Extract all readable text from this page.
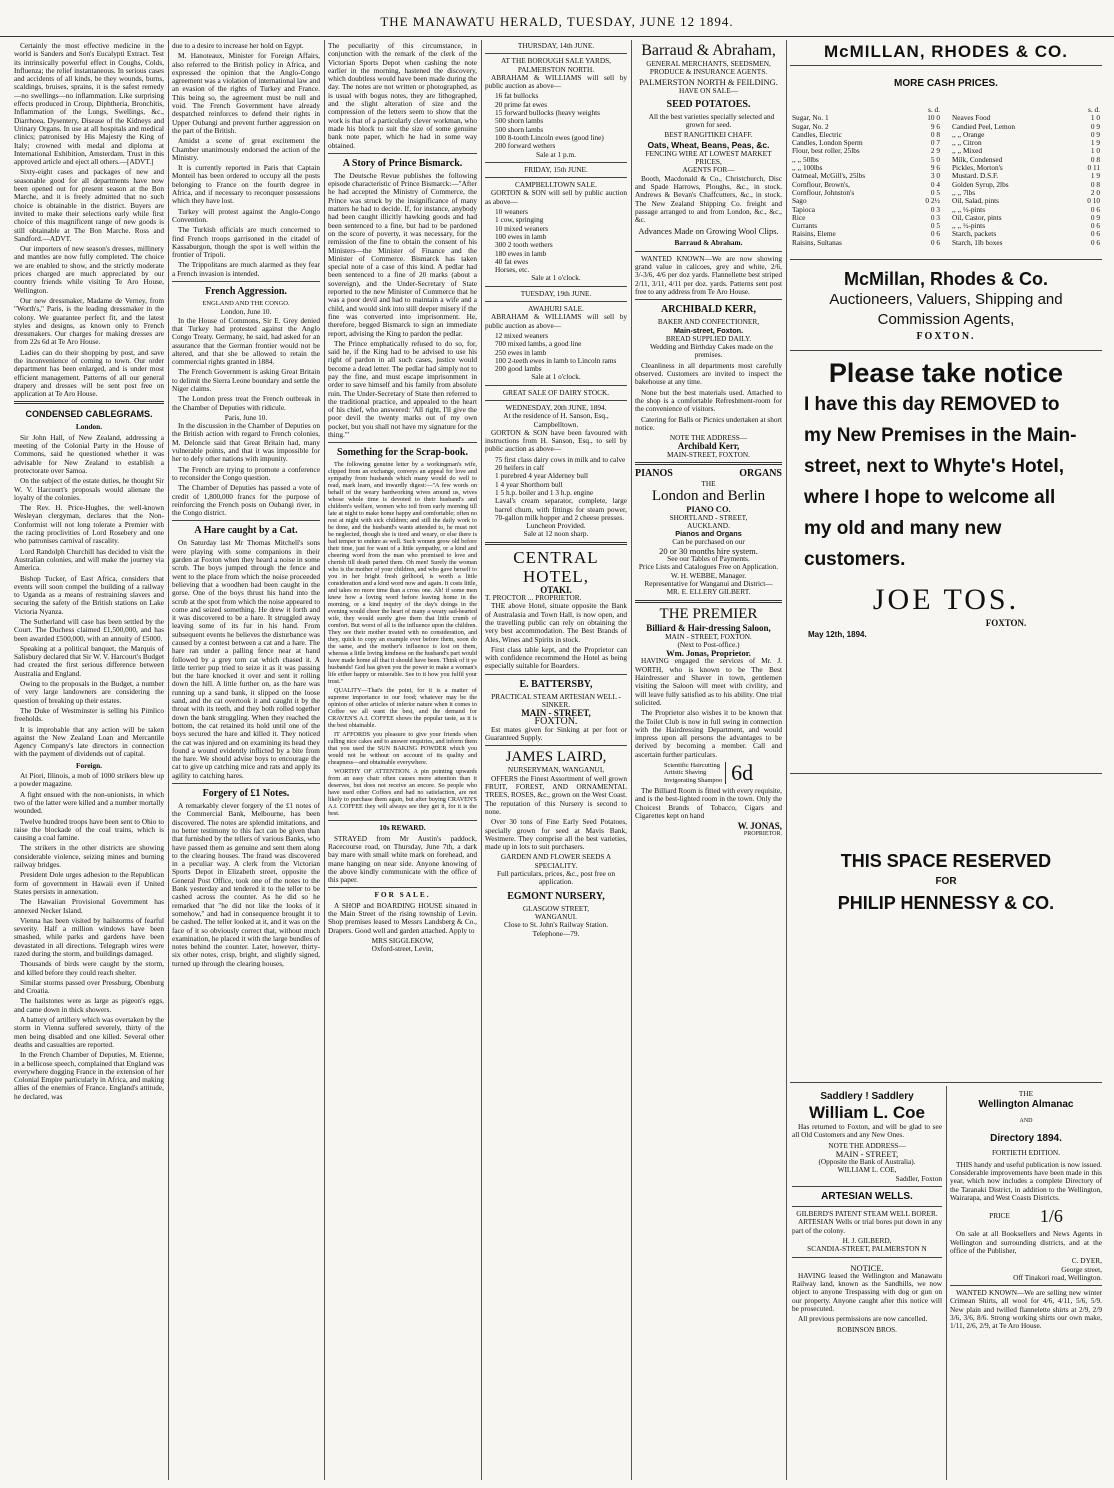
THE MANAWATU HERALD, TUESDAY, JUNE 12 1894.

Certainly the most effective medicine in the world is Sanders and Son's Eucalypti Extract. Test its intrinsically powerful effect in Coughs, Colds, Influenza; the relief instantaneous. In serious cases and accidents of all kinds, be they wounds, burns, scaldings, bruises, sprains, it is the safest remedy—no swellings—no inflammation. Like surprising effects produced in Croup, Diphtheria, Bronchitis, Inflammation of the Lungs, Swellings, &c., Diarrhoea, Dysentery, Disease of the Kidneys and Urinary Organs. In use at all hospitals and medical clinics; patronised by His Majesty the King of Italy; crowned with medal and diploma at International Exhibition, Amsterdam. Trust in this approved article and eject all others.—[ADVT.]

Sixty-eight cases and packages of new and seasonable good for all departments have now been opened out for present season at the Bon Marche, and it is freely admitted that no such choice is obtainable in the district. Buyers are invited to make their selections early while first choice of this magnificent range of new goods is still obtainable at The Bon Marche. Ross and Sandford.—ADVT.

Our importers of new season's dresses, millinery and mantles are now fully completed. The choice we are enabled to show, and the strictly moderate prices charged are much appreciated by our country friends while visiting Te Aro House, Wellington.

Our new dressmaker, Madame de Verney, from "Worth's," Paris, is the leading dressmaker in the colony. We guarantee perfect fit, and the latest styles and designs, as known only to French dressmakers. Our charges for making dresses are from 22s 6d at Te Aro House.

Ladies can do their shopping by post, and save the inconvenience of coming to town. Our order department has been enlarged, and is under most efficient management. Patterns of all our general drapery and dresses will be sent post free on application at Te Aro House.

CONDENSED CABLEGRAMS.
London.

Sir John Hall, of New Zealand, addressing a meeting of the Colonial Party in the House of Commons, said he questioned whether it was advisable for New Zealand to establish a protectorate over Samoa.

On the subject of the estate duties, he thought Sir W. V. Harcourt's proposals would alienate the loyalty of the colonies.

The Rev. H. Price-Hughes, the well-known Wesleyan clergyman, declares that the Non-Conformist will not long tolerate a Premier with the racing proclivities of Lord Rosebery and one who patronises carnival of rascality.

Lord Randolph Churchill has decided to visit the Australian colonies, and will make the journey via America.

Bishop Tucker, of East Africa, considers that events will soon compel the building of a railway to Uganda as a means of restraining slavers and securing the safety of the British stations on Lake Victoria Nyanza.

The Sutherland will case has been settled by the Court. The Duchess claimed £1,500,000, and has been awarded £500,000, with an annuity of £5000.

Speaking at a political banquet, the Marquis of Salisbury declared that Sir W. V. Harcourt's Budget had created the first serious difference between Australia and England.

Owing to the proposals in the Budget, a number of very large landowners are considering the question of breaking up their estates.

The Duke of Westminster is selling his Pimlico freeholds.

It is improbable that any action will be taken against the New Zealand Loan and Mercantile Agency Company's late directors in connection with the payment of dividends out of capital.

Foreign.

At Piori, Illinois, a mob of 1000 strikers blew up a powder magazine.

A fight ensued with the non-unionists, in which two of the latter were killed and a number mortally wounded.

Twelve hundred troops have been sent to Ohio to raise the blockade of the coal trains, which is causing a coal famine.

The strikers in the other districts are showing considerable violence, seizing mines and burning railway bridges.

President Dole urges adhesion to the Republican form of government in Hawaii even if United States persists in annexation.

The Hawaiian Provisional Government has annexed Necker Island.

Vienna has been visited by hailstorms of fearful severity. Half a million windows have been smashed, while parks and gardens have been devastated in all directions. Telegraph wires were razed during the storm, and buildings damaged.

Thousands of birds were caught by the storm, and killed before they could reach shelter.

Similar storms passed over Pressburg, Obenburg and Croatia.

The hailstones were as large as pigeon's eggs, and came down in thick showers.

A battery of artillery which was overtaken by the storm in Vienna suffered severely, thirty of the men being disabled and one killed. Several other deaths and casualties are reported.

In the French Chamber of Deputies, M. Etienne, in a bellicose speech, complained that England was everywhere dogging France in the extension of her Colonial Empire particularly in Africa, and making allies of the enemies of France. England's attitude, he declared, was

due to a desire to increase her hold on Egypt.

M. Hanoteaux, Minister for Foreign Affairs, also referred to the British policy in Africa, and expressed the opinion that the Anglo-Congo agreement was a violation of international law and an evasion of the rights of Turkey and France. This being so, the agreement must be null and void. The French Government have already despatched reinforces to defend their rights in Upper Oubangi and prevent further aggression on the part of the British.

Amidst a scene of great excitement the Chamber unanimously endorsed the action of the Ministry.

It is currently reported in Paris that Captain Monteil has been ordered to occupy all the posts belonging to France on the fourth degree in Africa, and if necessary to reconquer possessions which they have lost.

Turkey will protest against the Anglo-Congo Convention.

The Turkish officials are much concerned to find French troops garrisoned in the citadel of Kassaburgon, though the spot is well within the frontier of Tripoli.

The Trippolitans are much alarmed as they fear a French invasion is intended.

French Aggression.
ENGLAND AND THE CONGO.
London, June 10.

In the House of Commons, Sir E. Grey denied that Turkey had protested against the Anglo Congo Treaty. Germany, he said, had asked for an assurance that the German frontier would not be altered, and that she be allowed to retain the commercial rights granted in 1884.

The French Government is asking Great Britain to delimit the Sierra Leone boundary and settle the Niger claims.

The London press treat the French outbreak in the Chamber of Deputies with ridicule.

Paris, June 10.

In the discussion in the Chamber of Deputies on the British action with regard to French colonies, M. Deloncle said that Great Britain had, many vulnerable points, and that it was impossible for her to defy other nations with impunity.

The French are trying to promote a conference to reconsider the Congo question.

The Chamber of Deputies has passed a vote of credit of 1,800,000 francs for the purpose of reinforcing the French posts on Oubangi river, in the Congo district.

A Hare caught by a Cat.

On Saturday last Mr Thomas Mitchell's sons were playing with some companions in their garden at Foxton when they heard a noise in some scrub. The boys jumped through the fence and went to the place from which the noise proceeded believing that a woodhen had been caught in the gorse. One of the boys thrust his hand into the scrub at the spot from which the noise appeared to come and seized something. He drew it forth and it was discovered to be a hare. It struggled away leaving some of its fur in his hand. From subsequent events he believes the disturbance was caused by a contest between a cat and a hare. The hare ran under a palling fence near at hand followed by a grey tom cat which chased it. A little terrier pup tried to seize it as it was passing but the hare knocked it over and sent it rolling down the hill. A little further on, as the hare was running up a sand bank, it slipped on the loose sand, and the cat overtook it and caught it by the throat with its teeth, and they both rolled together down the bank struggling. When they reached the bottom, the cat retained its hold until one of the boys secured the hare and killed it. They noticed the cat was injured and on examining its head they found a wound evidently inflicted by a bite from the hare. We should advise boys to encourage the cat to give up catching mice and rats and apply its agility to catching hares.

Forgery of £1 Notes.

A remarkably clever forgery of the £1 notes of the Commercial Bank, Melbourne, has been discovered. The notes are splendid imitations, and no better testimony to this fact can be given than that furnished by the tellers of various Banks, who have passed them as genuine and sent them along to the clearing houses. The fraud was discovered in a peculiar way. A clerk from the Victorian Sports Depot in Elizabeth street, opposite the General Post Office, took one of the notes to the Bank yesterday and tendered it to the teller to be cashed across the counter. As he did so he remarked that "he did not like the looks of it somehow," and had in consequence brought it to be cashed. The teller looked at it, and it was on the face of it so obviously correct that, without much examination, he placed it with the large bundles of notes behind the counter. Later, however, thirty-six other notes, crisp, bright, and slightly signed, turned up through the clearing houses,

The peculiarity of this circumstance, in conjunction with the remark of the clerk of the Victorian Sports Depot when cashing the note earlier in the morning, hastened the discovery, which doubtless would have been made during the day. The notes are not written or photographed, as is usual with bogus notes, they are lithographed, and the slight alteration of size and the compression of the letters seem to show that the work is that of a particularly clever workman, who made his block to suit the size of some genuine bank note paper, which he had in some way obtained.

A Story of Prince Bismarck.

The Deutsche Revue publishes the following episode characteristic of Prince Bismarck:—"After he had accepted the Ministry of Commerce, the Prince was struck by the insignificance of many matters he had to decide. If, for instance, anybody had been caught illicitly hawking goods and had been sentenced to a fine, but had to be pardoned on the score of poverty, it was necessary, for the remission of the fine to obtain the consent of his Ministers—the Minister of Finance and the Minister of Commerce. Bismarck has taken special note of a case of this kind. A pedlar had been sentenced to a fine of 20 marks (about a sovereign), and the Under-Secretary of State reported to the new Minister of Commerce that he was a poor devil and had to maintain a wife and a child, and would sink into still deeper misery if the fine was converted into imprisonment. He, therefore, begged Bismarck to sign an immediate report, advising the King to pardon the pedlar.

The Prince emphatically refused to do so, for, said he, if the King had to be advised to use his right of pardon in all such cases, justice would become a dead letter. The pedlar had simply not to pay the fine, and must escape imprisonment in order to save himself and his family from absolute ruin. The Under-Secretary of State then referred to the traditional practice, and appealed to the heart of his chief, who answered: 'All right, I'll give the poor devil the twenty marks out of my own pocket, but you shall not have my signature for the thing.'"

Something for the Scrap-book.

The following genuine letter by a workingman's wife, clipped from an exchange, conveys an appeal for love and sympathy from husbands which many would do well to read, mark learn, and inwardly digest:—"A few words on behalf of the weary hardworking wives around us, wives whose whole time is devoted to their husband's and children's welfare, women who toil from early morning till late at night to make home happy and comfortable; often no rest at night with sick children; and still the daily work to be done, and the husband's wants attended to, he must not be neglected, though she is tired and weary, or else there is bad temper to endure as well. Such women grow old before their time, just for want of a little sympathy, or a kind and cheering word from the man who promised to love and cherish till death parted them. Oh men! Surely the woman who is the mother of your children, and who gave herself to you in her bright fresh girlhood, is worth a little consideration and a kind word now and again. It costs little, and takes no more time than a cross one. Ah! if some men knew how a loving word before leaving home in the morning, or a kind inquiry of the day's doings in the evening would cheer the heart of many a weary sad-hearted wife, they would surely give them that little crumb of comfort. But worst of all is the influence upon the children. They see their mother treated with no consideration, and they, quick to copy an example ever before them, soon do the same, and the mother's influence is lost on them, whereas a little loving kindness on the husband's part would have made home all that it should have been. Think of it ye husbands! God has given you the power to make a woman's life either happy or miserable. See to it how you fulfil your trust."

QUALITY—That's the point, for it is a matter of supreme importance to our food; whatever may be the opinion of other articles of inferior nature when it comes to Coffee we all want the best, and the demand for CRAVEN'S A.I. COFFEE shows the popular taste, as it is the best obtainable.

IT AFFORDS you pleasure to give your friends when calling nice cakes and to answer enquiries, and inform them that you used the SUN BAKING POWDER which you would not be without on account of its quality and cheapness—and obtainable everywhere.

WORTHY OF ATTENTION. A pin pointing upwards from an easy chair often causes more attention than it deserves, but does not receive an encore. So people who have used other Coffees and had no satisfaction, are not likely to purchase them again, but after buying CRAVEN'S A.I. COFFEE they will always see they get it, for it is the best.

10s REWARD.

STRAYED from Mr Austin's paddock, Racecourse road, on Thursday, June 7th, a dark bay mare with small white mark on forehead, and mane hanging on near side. Anyone knowing of the above kindly communicate with the office of this paper.

FOR SALE.

A SHOP and BOARDING HOUSE situated in the Main Street of the rising township of Levin. Shop premises leased to Messrs Landsberg & Co., Drapers. Good well and garden attached. Apply to

MRS SIGGLEKOW,
Oxford-street, Levin,
THURSDAY, 14th JUNE.
AT THE BOROUGH SALE YARDS, PALMERSTON NORTH.

ABRAHAM & WILLIAMS will sell by public auction as above—

16 fat bullocks
20 prime fat ewes
15 forward bullocks (heavy weights
500 shorn lambs
500 shorn lambs
100 8-tooth Lincoln ewes (good line)
200 forward wethers
Sale at 1 p.m.
FRIDAY, 15th JUNE.
CAMPBELLTOWN SALE.

GORTON & SON will sell by public auction as above—

10 weaners
1 cow, springing
10 mixed weaners
100 ewes in lamb
300 2 tooth wethers
180 ewes in lamb
40 fat ewes
Horses, etc.
Sale at 1 o'clock.
TUESDAY, 19th JUNE.
AWAHURI SALE.

ABRAHAM & WILLIAMS will sell by public auction as above—

12 mixed weaners
700 mixed lambs, a good line
250 ewes in lamb
100 2-teeth ewes in lamb to Lincoln rams
200 good lambs
Sale at 1 o'clock.
GREAT SALE OF DAIRY STOCK.
WEDNESDAY, 20th JUNE, 1894.
At the residence of H. Sanson, Esq., Campbelltown.

GORTON & SON have been favoured with instructions from H. Sanson, Esq., to sell by public auction as above—

75 first class dairy cows in milk and to calve
20 heifers in calf
1 purebred 4 year Alderney bull
1 4 year Shorthorn bull
1 5 h.p. boiler and 1 3 h.p. engine
Laval's cream separator, complete, large barrel churn, with fittings for steam power, 70-gallon milk hopper and 2 cheese presses.
Luncheon Provided.
Sale at 12 noon sharp.
CENTRAL HOTEL,
OTAKI.
T. PROCTOR ... PROPRIETOR.

THE above Hotel, situate opposite the Bank of Australasia and Town Hall, is now open, and the travelling public can rely on obtaining the very best accommodation. The Best Brands of Ales, Wines and Spirits in stock.

First class table kept, and the Proprietor can with confidence recommend the Hotel as being especially suitable for Boarders.

E. BATTERSBY,
PRACTICAL STEAM ARTESIAN WELL - SINKER.
MAIN - STREET,
FOXTON.

Est mates given for Sinking at per foot or Guaranteed Supply.

JAMES LAIRD,
NURSERYMAN, WANGANUI,

OFFERS the Finest Assortment of well grown FRUIT, FOREST, AND ORNAMENTAL TREES, ROSES, &c., grown on the West Coast. The reputation of this Nursery is second to none.

Over 30 tons of Fine Early Seed Potatoes, specially grown for seed at Mavis Bank, Westmere. They comprise all the best varieties, made up in lots to suit purchasers.

GARDEN AND FLOWER SEEDS A SPECIALITY.
Full particulars, prices, &c., post free on application.
EGMONT NURSERY,
GLASGOW STREET,
WANGANUI.
Close to St. John's Railway Station.
Telephone—79.
Barraud & Abraham,
GENERAL MERCHANTS, SEEDSMEN, PRODUCE & INSURANCE AGENTS.
PALMERSTON NORTH & FEILDING.
HAVE ON SALE—
SEED POTATOES.

All the best varieties specially selected and grown for seed.

BEST RANGITIKEI CHAFF.
Oats, Wheat, Beans, Peas, &c.
FENCING WIRE AT LOWEST MARKET PRICES,
AGENTS FOR—

Booth, Macdonald & Co., Christchurch, Disc and Spade Harrows, Ploughs, &c., in stock. Andrews & Bevan's Chaffcutters, &c., in stock. The New Zealand Shipping Co. freight and passage arranged to and from London, &c., &c., &c.

Advances Made on Growing Wool Clips.
Barraud & Abraham.

WANTED KNOWN—We are now showing grand value in calicoes, grey and white, 2/6, 3/-3/6, 4/6 per doz yards. Flannellette best striped 2/11, 3/11, 4/11 per doz. yards. Patterns sent post free to any address from Te Aro House.

ARCHIBALD KERR,
BAKER AND CONFECTIONER,
Main-street, Foxton.
BREAD SUPPLIED DAILY.

Wedding and Birthday Cakes made on the premises.

Cleanliness in all departments most carefully observed. Customers are invited to inspect the bakehouse at any time.

None but the best materials used. Attached to the shop is a comfortable Refreshment-room for the convenience of visitors.

Catering for Balls or Picnics undertaken at short notice.

NOTE THE ADDRESS—
Archibald Kerr,
MAIN-STREET, FOXTON.
PIANOS	ORGANS
THE
London and Berlin
PIANO CO.
SHORTLAND - STREET,
AUCKLAND.
Pianos and Organs
Can be purchased on our
20 or 30 months hire system.
See our Tables of Payments.
Price Lists and Catalogues Free on Application.
W. H. WEBBE, Manager.
Representative for Wanganui and District—
MR. E. ELLERY GILBERT.
THE PREMIER
Billiard & Hair-dressing Saloon,
MAIN - STREET, FOXTON.
(Next to Post-office.)
Wm. Jonas, Proprietor.

HAVING engaged the services of Mr. J. WORTH, who is known to be The Best Hairdresser and Shaver in town, gentlemen visiting the Saloon will meet with civility, and will leave fully satisfied as to his ability. One trial solicited.

The Proprietor also wishes it to be known that the Toilet Club is now in full swing in connection with the Hairdressing Department, and would impress upon all persons the advantages to be derived by becoming a member. Call and ascertain further particulars.

Scientific Haircutting
Artistic Shaving
Invigorating Shampoo 6d

The Billiard Room is fitted with every requisite, and is the best-lighted room in the town. Only the Choicest Brands of Tobacco, Cigars and Cigarettes kept on hand

W. JONAS,
PROPRIETOR.
McMILLAN, RHODES & CO.
MORE CASH PRICES.
	s. d.
Sugar, No. 1	10 0
Sugar, No. 2	9 6
Candles, Electric	0 8
Candles, London Sperm	0 7
Flour, best roller, 25lbs	2 9
,, ,, 50lbs	5 0
,, ,, 100lbs	9 6
Oatmeal, McGill's, 25lbs	3 0
Cornflour, Brown's,	0 4
Cornflour, Johnston's	0 5
Sago	0 2½
Tapioca	0 3
Rice	0 3
Currants	0 5
Raisins, Eleme	0 6
Raisins, Sultanas	0 6
	s. d.
Neaves Food	1 0
Candied Peel, Lemon	0 9
,, ,, Orange	0 9
,, ,, Citron	1 9
,, ,, Mixed	1 0
Milk, Condensed	0 8
Pickles, Morton's	0 11
Mustard. D.S.F.	1 9
Golden Syrup, 2lbs	0 8
,, ,, 7lbs	2 0
Oil, Salad, pints	0 10
,, ,, ½-pints	0 6
Oil, Castor, pints	0 9
,, ,, ½-pints	0 6
Starch, packets	0 6
Starch, 1lb boxes	0 6
McMillan, Rhodes & Co.
Auctioneers, Valuers, Shipping and
Commission Agents,
FOXTON.
Please take notice
I have this day REMOVED to my New Premises in the Main-street, next to Whyte's Hotel, where I hope to welcome all my old and many new customers.
JOE TOS.
FOXTON.
May 12th, 1894.
THIS SPACE RESERVED
FOR
PHILIP HENNESSY & CO.
Saddlery ! Saddlery
William L. Coe

Has returned to Foxton, and will be glad to see all Old Customers and any New Ones.

NOTE THE ADDRESS—
MAIN - STREET,
(Opposite the Bank of Australia).
WILLIAM L. COE,
Saddler, Foxton
ARTESIAN WELLS.
GILBERD'S PATENT STEAM WELL BORER.

ARTESIAN Wells or trial bores put down in any part of the colony.

H. J. GILBERD,
SCANDIA-STREET, PALMERSTON N
NOTICE.

HAVING leased the Wellington and Manawatu Railway land, known as the Sandhills, we now object to anyone Trespassing with dog or gun on our property. Anyone caught after this notice will be prosecuted.

All previous permissions are now cancelled.

ROBINSON BROS.
THE
Wellington Almanac
AND
Directory 1894.
FORTIETH EDITION.

THIS handy and useful publication is now issued. Considerable improvements have been made in this year, which now includes a complete Directory of the Taranaki District, in addition to the Wellington, Wairarapa, and West Coasts Districts.

PRICE 1/6

On sale at all Booksellers and News Agents in Wellington and surrounding districts, and at the office of the Publisher,

C. DYER,
George street,
Off Tinakori road, Wellington.

WANTED KNOWN—We are selling new winter Crimean Shirts, all wool for 4/6, 4/11, 5/6, 5/9. New plain and twilled flannelette shirts at 2/9, 2/9 3/6, 3/6, 8/6. Strong working shirts our own make, 1/11, 2/6, 2/9, at Te Aro House.
